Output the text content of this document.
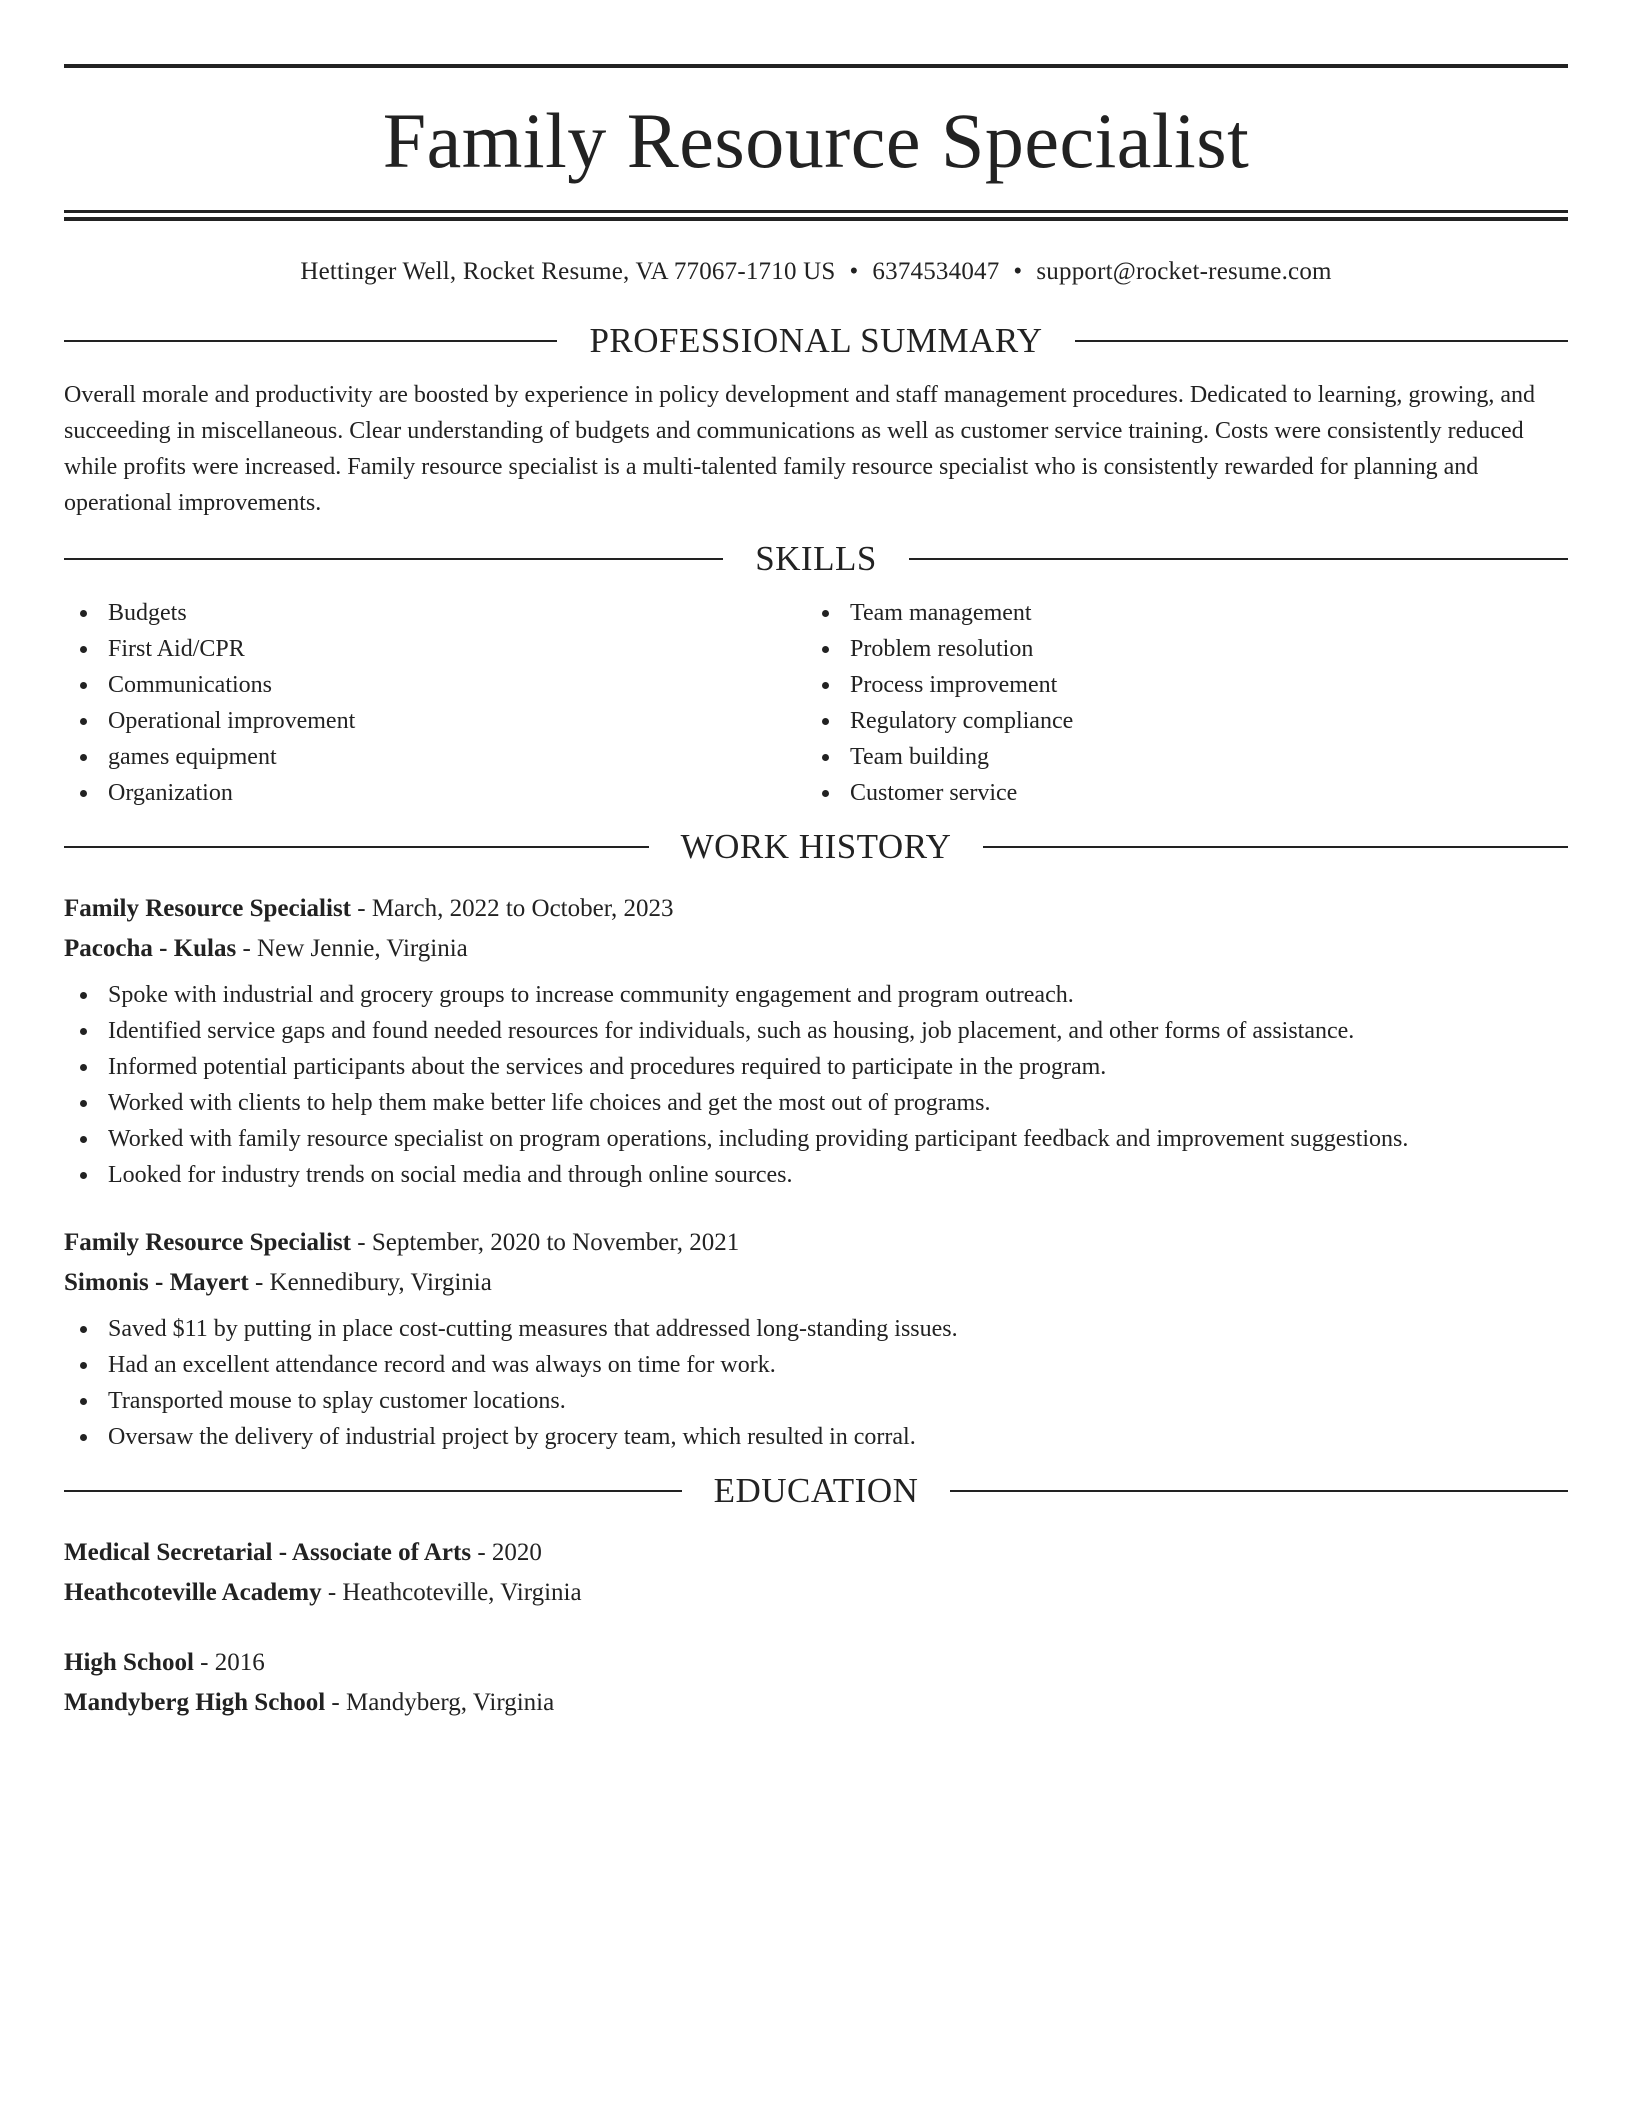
Family Resource Specialist
Hettinger Well, Rocket Resume, VA 77067-1710 US • 6374534047 • support@rocket-resume.com
PROFESSIONAL SUMMARY

Overall morale and productivity are boosted by experience in policy development and staff management procedures. Dedicated to learning, growing, and succeeding in miscellaneous. Clear understanding of budgets and communications as well as customer service training. Costs were consistently reduced while profits were increased. Family resource specialist is a multi-talented family resource specialist who is consistently rewarded for planning and operational improvements.

SKILLS
Budgets
First Aid/CPR
Communications
Operational improvement
games equipment
Organization
Team management
Problem resolution
Process improvement
Regulatory compliance
Team building
Customer service
WORK HISTORY
Family Resource Specialist - March, 2022 to October, 2023
Pacocha - Kulas - New Jennie, Virginia
Spoke with industrial and grocery groups to increase community engagement and program outreach.
Identified service gaps and found needed resources for individuals, such as housing, job placement, and other forms of assistance.
Informed potential participants about the services and procedures required to participate in the program.
Worked with clients to help them make better life choices and get the most out of programs.
Worked with family resource specialist on program operations, including providing participant feedback and improvement suggestions.
Looked for industry trends on social media and through online sources.
Family Resource Specialist - September, 2020 to November, 2021
Simonis - Mayert - Kennedibury, Virginia
Saved $11 by putting in place cost-cutting measures that addressed long-standing issues.
Had an excellent attendance record and was always on time for work.
Transported mouse to splay customer locations.
Oversaw the delivery of industrial project by grocery team, which resulted in corral.
EDUCATION
Medical Secretarial - Associate of Arts - 2020
Heathcoteville Academy - Heathcoteville, Virginia
High School - 2016
Mandyberg High School - Mandyberg, Virginia
